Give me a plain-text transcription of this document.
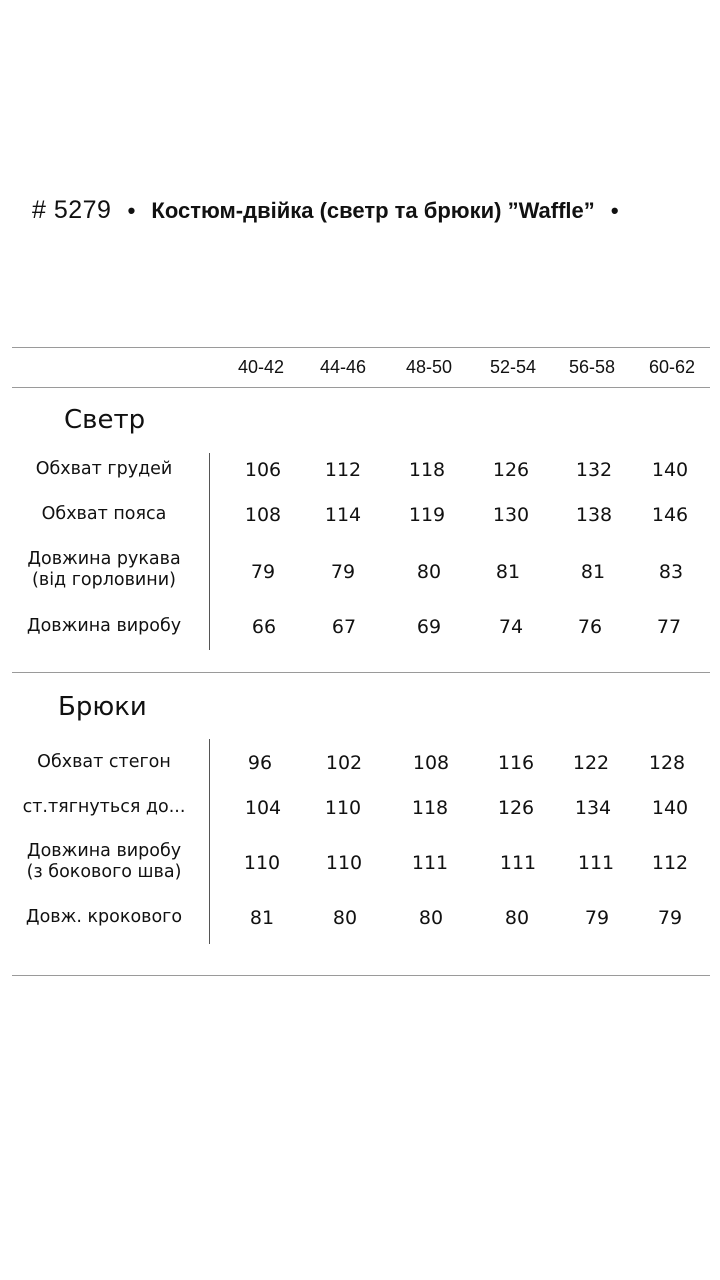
# 5279 • Костюм-двійка (светр та брюки) ”Waffle” •
40-42 44-46 48-50 52-54 56-58 60-62
Светр
Обхват грудей	106 112	118	126 132 140
Обхват пояса	108 114	119	130 138 146
Довжина рукава
(від горловини)	79	79	80	81	81	83
Довжина виробу	66	67	69	74	76	77
Брюки
Обхват стегон	96	102	108	116 122 128
ст.тягнуться до...	104 110	118	126 134 140
Довжина виробу
(з бокового шва)	110 110	111	111 111 112
Довж. крокового	81	80	80	80	79	79
